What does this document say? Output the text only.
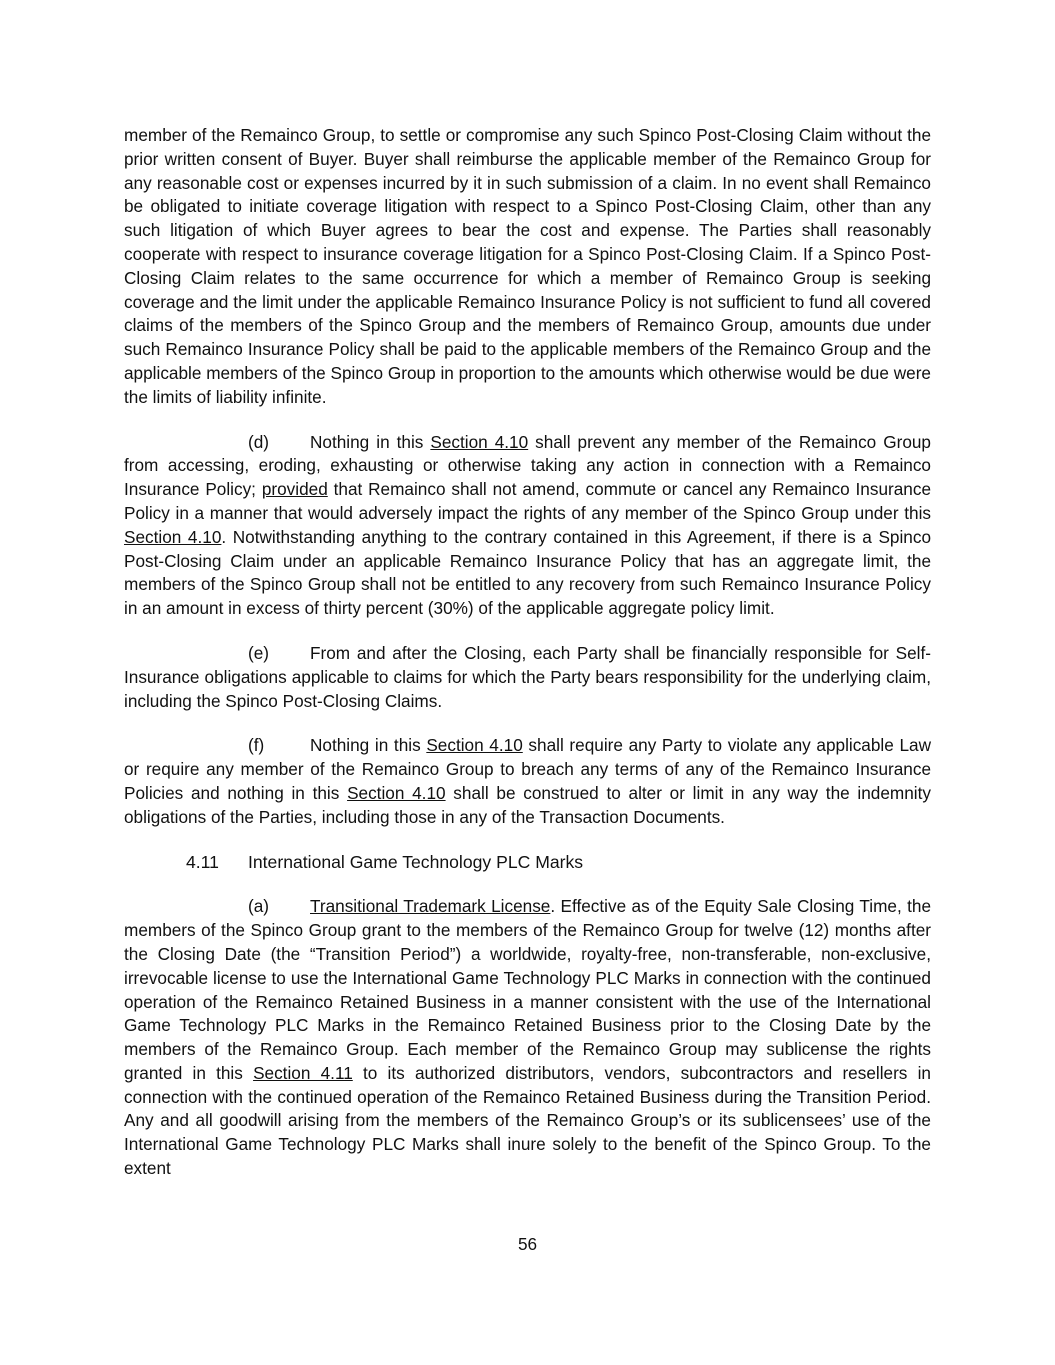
member of the Remainco Group, to settle or compromise any such Spinco Post-Closing Claim without the prior written consent of Buyer. Buyer shall reimburse the applicable member of the Remainco Group for any reasonable cost or expenses incurred by it in such submission of a claim. In no event shall Remainco be obligated to initiate coverage litigation with respect to a Spinco Post-Closing Claim, other than any such litigation of which Buyer agrees to bear the cost and expense. The Parties shall reasonably cooperate with respect to insurance coverage litigation for a Spinco Post-Closing Claim. If a Spinco Post-Closing Claim relates to the same occurrence for which a member of Remainco Group is seeking coverage and the limit under the applicable Remainco Insurance Policy is not sufficient to fund all covered claims of the members of the Spinco Group and the members of Remainco Group, amounts due under such Remainco Insurance Policy shall be paid to the applicable members of the Remainco Group and the applicable members of the Spinco Group in proportion to the amounts which otherwise would be due were the limits of liability infinite.

(d) Nothing in this Section 4.10 shall prevent any member of the Remainco Group from accessing, eroding, exhausting or otherwise taking any action in connection with a Remainco Insurance Policy; provided that Remainco shall not amend, commute or cancel any Remainco Insurance Policy in a manner that would adversely impact the rights of any member of the Spinco Group under this Section 4.10. Notwithstanding anything to the contrary contained in this Agreement, if there is a Spinco Post-Closing Claim under an applicable Remainco Insurance Policy that has an aggregate limit, the members of the Spinco Group shall not be entitled to any recovery from such Remainco Insurance Policy in an amount in excess of thirty percent (30%) of the applicable aggregate policy limit.

(e) From and after the Closing, each Party shall be financially responsible for Self-Insurance obligations applicable to claims for which the Party bears responsibility for the underlying claim, including the Spinco Post-Closing Claims.

(f)	Nothing in this Section 4.10 shall require any Party to violate any applicable Law or require any member of the Remainco Group to breach any terms of any of the Remainco Insurance Policies and nothing in this Section 4.10 shall be construed to alter or limit in any way the indemnity obligations of the Parties, including those in any of the Transaction Documents.

4.11 International Game Technology PLC Marks

(a) Transitional Trademark License. Effective as of the Equity Sale Closing Time, the members of the Spinco Group grant to the members of the Remainco Group for twelve (12) months after the Closing Date (the “Transition Period”) a worldwide, royalty-free, non-transferable, non-exclusive, irrevocable license to use the International Game Technology PLC Marks in connection with the continued operation of the Remainco Retained Business in a manner consistent with the use of the International Game Technology PLC Marks in the Remainco Retained Business prior to the Closing Date by the members of the Remainco Group. Each member of the Remainco Group may sublicense the rights granted in this Section 4.11 to its authorized distributors, vendors, subcontractors and resellers in connection with the continued operation of the Remainco Retained Business during the Transition Period. Any and all goodwill arising from the members of the Remainco Group’s or its sublicensees’ use of the International Game Technology PLC Marks shall inure solely to the benefit of the Spinco Group. To the extent

56
